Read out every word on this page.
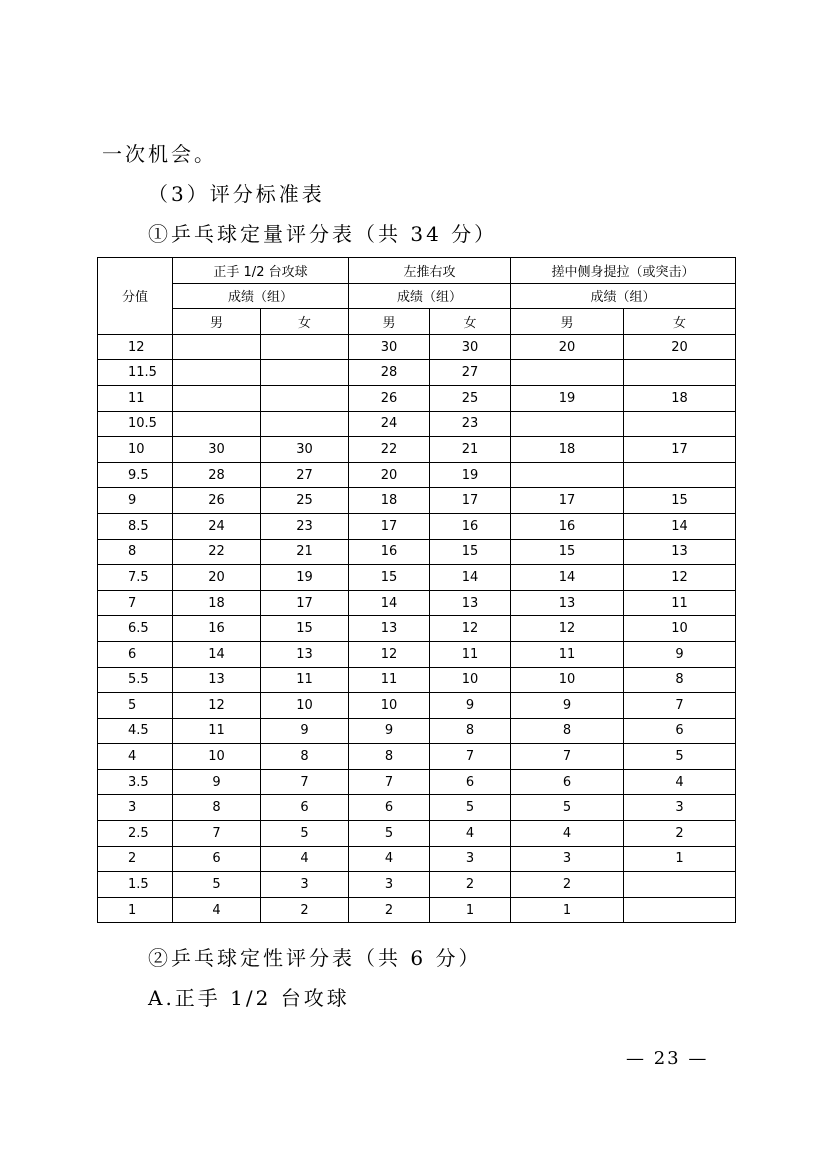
一次机会。
（3）评分标准表
①乒乓球定量评分表（共 34 分）
分值	正手 1/2 台攻球		左推右攻		搓中侧身提拉（或突击）	
	成绩（组）		成绩（组）		成绩（组）	
	男	女	男	女	男	女
12			30	30	20	20
11.5			28	27		
11			26	25	19	18
10.5			24	23		
10	30	30	22	21	18	17
9.5	28	27	20	19		
9	26	25	18	17	17	15
8.5	24	23	17	16	16	14
8	22	21	16	15	15	13
7.5	20	19	15	14	14	12
7	18	17	14	13	13	11
6.5	16	15	13	12	12	10
6	14	13	12	11	11	9
5.5	13	11	11	10	10	8
5	12	10	10	9	9	7
4.5	11	9	9	8	8	6
4	10	8	8	7	7	5
3.5	9	7	7	6	6	4
3	8	6	6	5	5	3
2.5	7	5	5	4	4	2
2	6	4	4	3	3	1
1.5	5	3	3	2	2	
1	4	2	2	1	1	
②乒乓球定性评分表（共 6 分）
A.正手 1/2 台攻球
— 23 —
